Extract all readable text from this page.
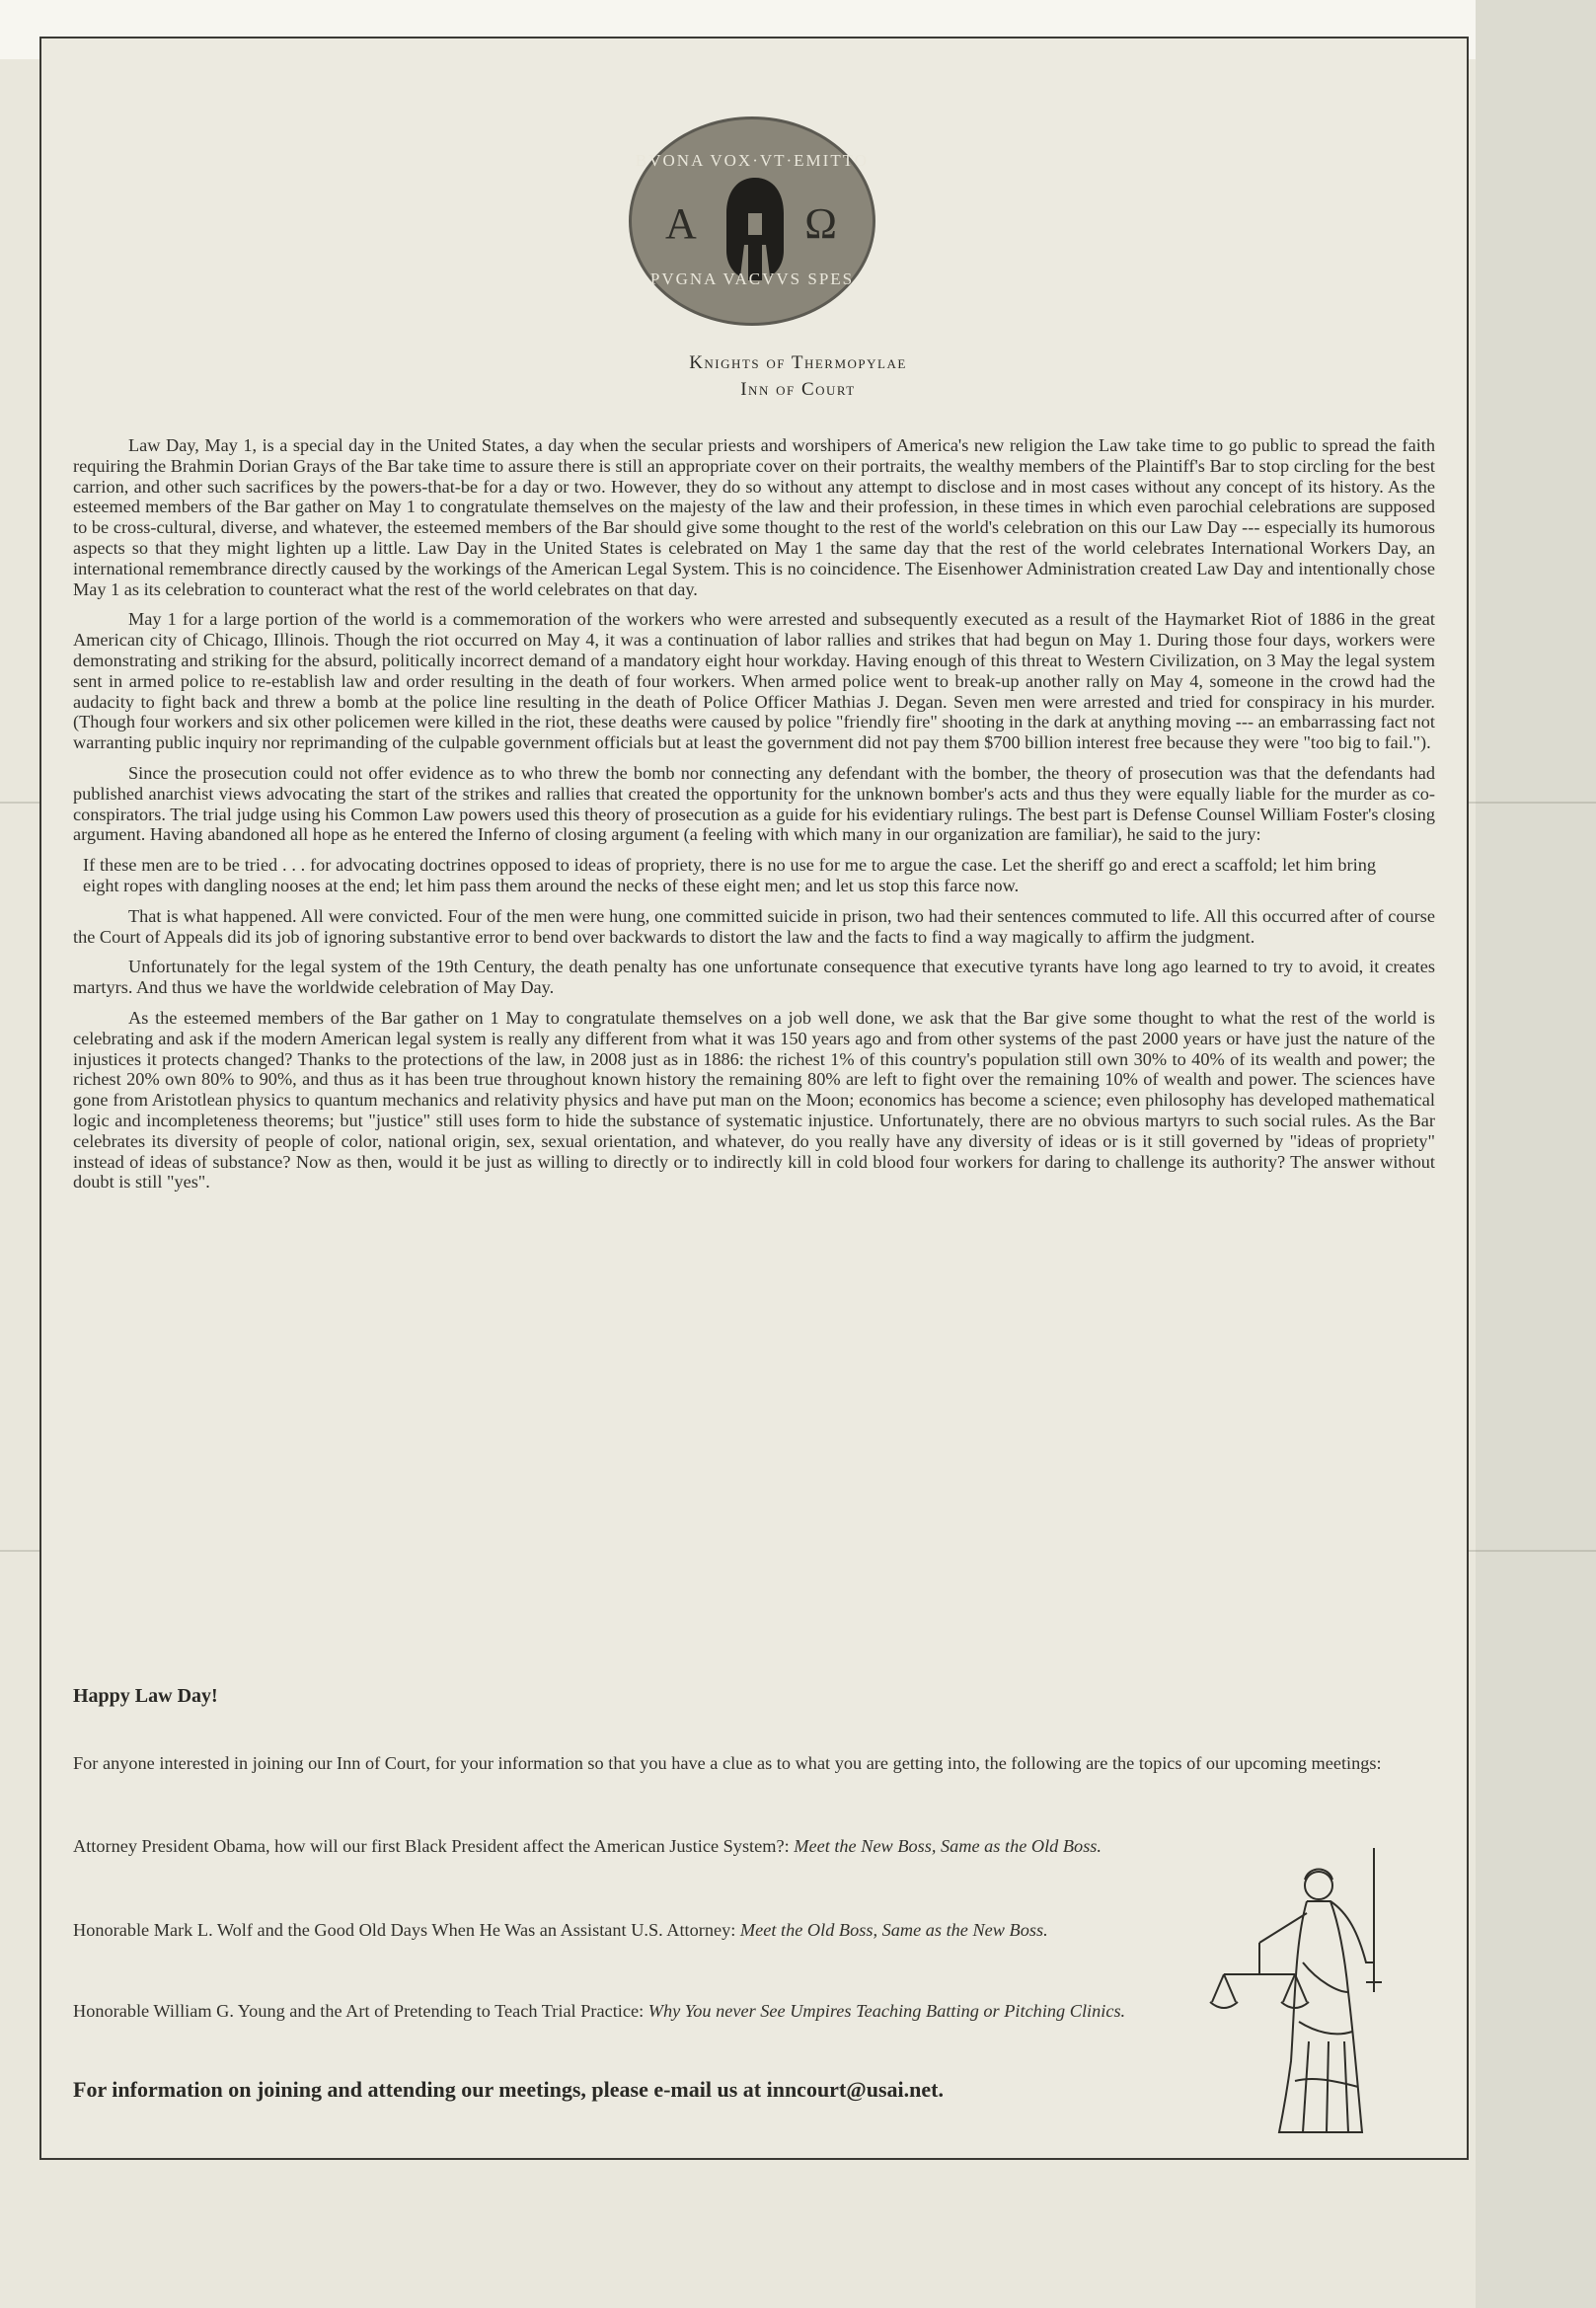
BVONA VOX·VT·EMITTO
Α Ω
PVGNA VACVVS SPES
Knights of Thermopylae
Inn of Court

Law Day, May 1, is a special day in the United States, a day when the secular priests and worshipers of America's new religion the Law take time to go public to spread the faith requiring the Brahmin Dorian Grays of the Bar take time to assure there is still an appropriate cover on their portraits, the wealthy members of the Plaintiff's Bar to stop circling for the best carrion, and other such sacrifices by the powers-that-be for a day or two. However, they do so without any attempt to disclose and in most cases without any concept of its history. As the esteemed members of the Bar gather on May 1 to congratulate themselves on the majesty of the law and their profession, in these times in which even parochial celebrations are supposed to be cross-cultural, diverse, and whatever, the esteemed members of the Bar should give some thought to the rest of the world's celebration on this our Law Day --- especially its humorous aspects so that they might lighten up a little. Law Day in the United States is celebrated on May 1 the same day that the rest of the world celebrates International Workers Day, an international remembrance directly caused by the workings of the American Legal System. This is no coincidence. The Eisenhower Administration created Law Day and intentionally chose May 1 as its celebration to counteract what the rest of the world celebrates on that day.

May 1 for a large portion of the world is a commemoration of the workers who were arrested and subsequently executed as a result of the Haymarket Riot of 1886 in the great American city of Chicago, Illinois. Though the riot occurred on May 4, it was a continuation of labor rallies and strikes that had begun on May 1. During those four days, workers were demonstrating and striking for the absurd, politically incorrect demand of a mandatory eight hour workday. Having enough of this threat to Western Civilization, on 3 May the legal system sent in armed police to re-establish law and order resulting in the death of four workers. When armed police went to break-up another rally on May 4, someone in the crowd had the audacity to fight back and threw a bomb at the police line resulting in the death of Police Officer Mathias J. Degan. Seven men were arrested and tried for conspiracy in his murder. (Though four workers and six other policemen were killed in the riot, these deaths were caused by police "friendly fire" shooting in the dark at anything moving --- an embarrassing fact not warranting public inquiry nor reprimanding of the culpable government officials but at least the government did not pay them $700 billion interest free because they were "too big to fail.").

Since the prosecution could not offer evidence as to who threw the bomb nor connecting any defendant with the bomber, the theory of prosecution was that the defendants had published anarchist views advocating the start of the strikes and rallies that created the opportunity for the unknown bomber's acts and thus they were equally liable for the murder as co-conspirators. The trial judge using his Common Law powers used this theory of prosecution as a guide for his evidentiary rulings. The best part is Defense Counsel William Foster's closing argument. Having abandoned all hope as he entered the Inferno of closing argument (a feeling with which many in our organization are familiar), he said to the jury:

If these men are to be tried . . . for advocating doctrines opposed to ideas of propriety, there is no use for me to argue the case. Let the sheriff go and erect a scaffold; let him bring eight ropes with dangling nooses at the end; let him pass them around the necks of these eight men; and let us stop this farce now.

That is what happened. All were convicted. Four of the men were hung, one committed suicide in prison, two had their sentences commuted to life. All this occurred after of course the Court of Appeals did its job of ignoring substantive error to bend over backwards to distort the law and the facts to find a way magically to affirm the judgment.

Unfortunately for the legal system of the 19th Century, the death penalty has one unfortunate consequence that executive tyrants have long ago learned to try to avoid, it creates martyrs. And thus we have the worldwide celebration of May Day.

As the esteemed members of the Bar gather on 1 May to congratulate themselves on a job well done, we ask that the Bar give some thought to what the rest of the world is celebrating and ask if the modern American legal system is really any different from what it was 150 years ago and from other systems of the past 2000 years or have just the nature of the injustices it protects changed? Thanks to the protections of the law, in 2008 just as in 1886: the richest 1% of this country's population still own 30% to 40% of its wealth and power; the richest 20% own 80% to 90%, and thus as it has been true throughout known history the remaining 80% are left to fight over the remaining 10% of wealth and power. The sciences have gone from Aristotlean physics to quantum mechanics and relativity physics and have put man on the Moon; economics has become a science; even philosophy has developed mathematical logic and incompleteness theorems; but "justice" still uses form to hide the substance of systematic injustice. Unfortunately, there are no obvious martyrs to such social rules. As the Bar celebrates its diversity of people of color, national origin, sex, sexual orientation, and whatever, do you really have any diversity of ideas or is it still governed by "ideas of propriety" instead of ideas of substance? Now as then, would it be just as willing to directly or to indirectly kill in cold blood four workers for daring to challenge its authority? The answer without doubt is still "yes".

Happy Law Day!
For anyone interested in joining our Inn of Court, for your information so that you have a clue as to what you are getting into, the following are the topics of our upcoming meetings:
Attorney President Obama, how will our first Black President affect the American Justice System?: Meet the New Boss, Same as the Old Boss.
Honorable Mark L. Wolf and the Good Old Days When He Was an Assistant U.S. Attorney: Meet the Old Boss, Same as the New Boss.
Honorable William G. Young and the Art of Pretending to Teach Trial Practice: Why You never See Umpires Teaching Batting or Pitching Clinics.
For information on joining and attending our meetings, please e-mail us at inncourt@usai.net.
